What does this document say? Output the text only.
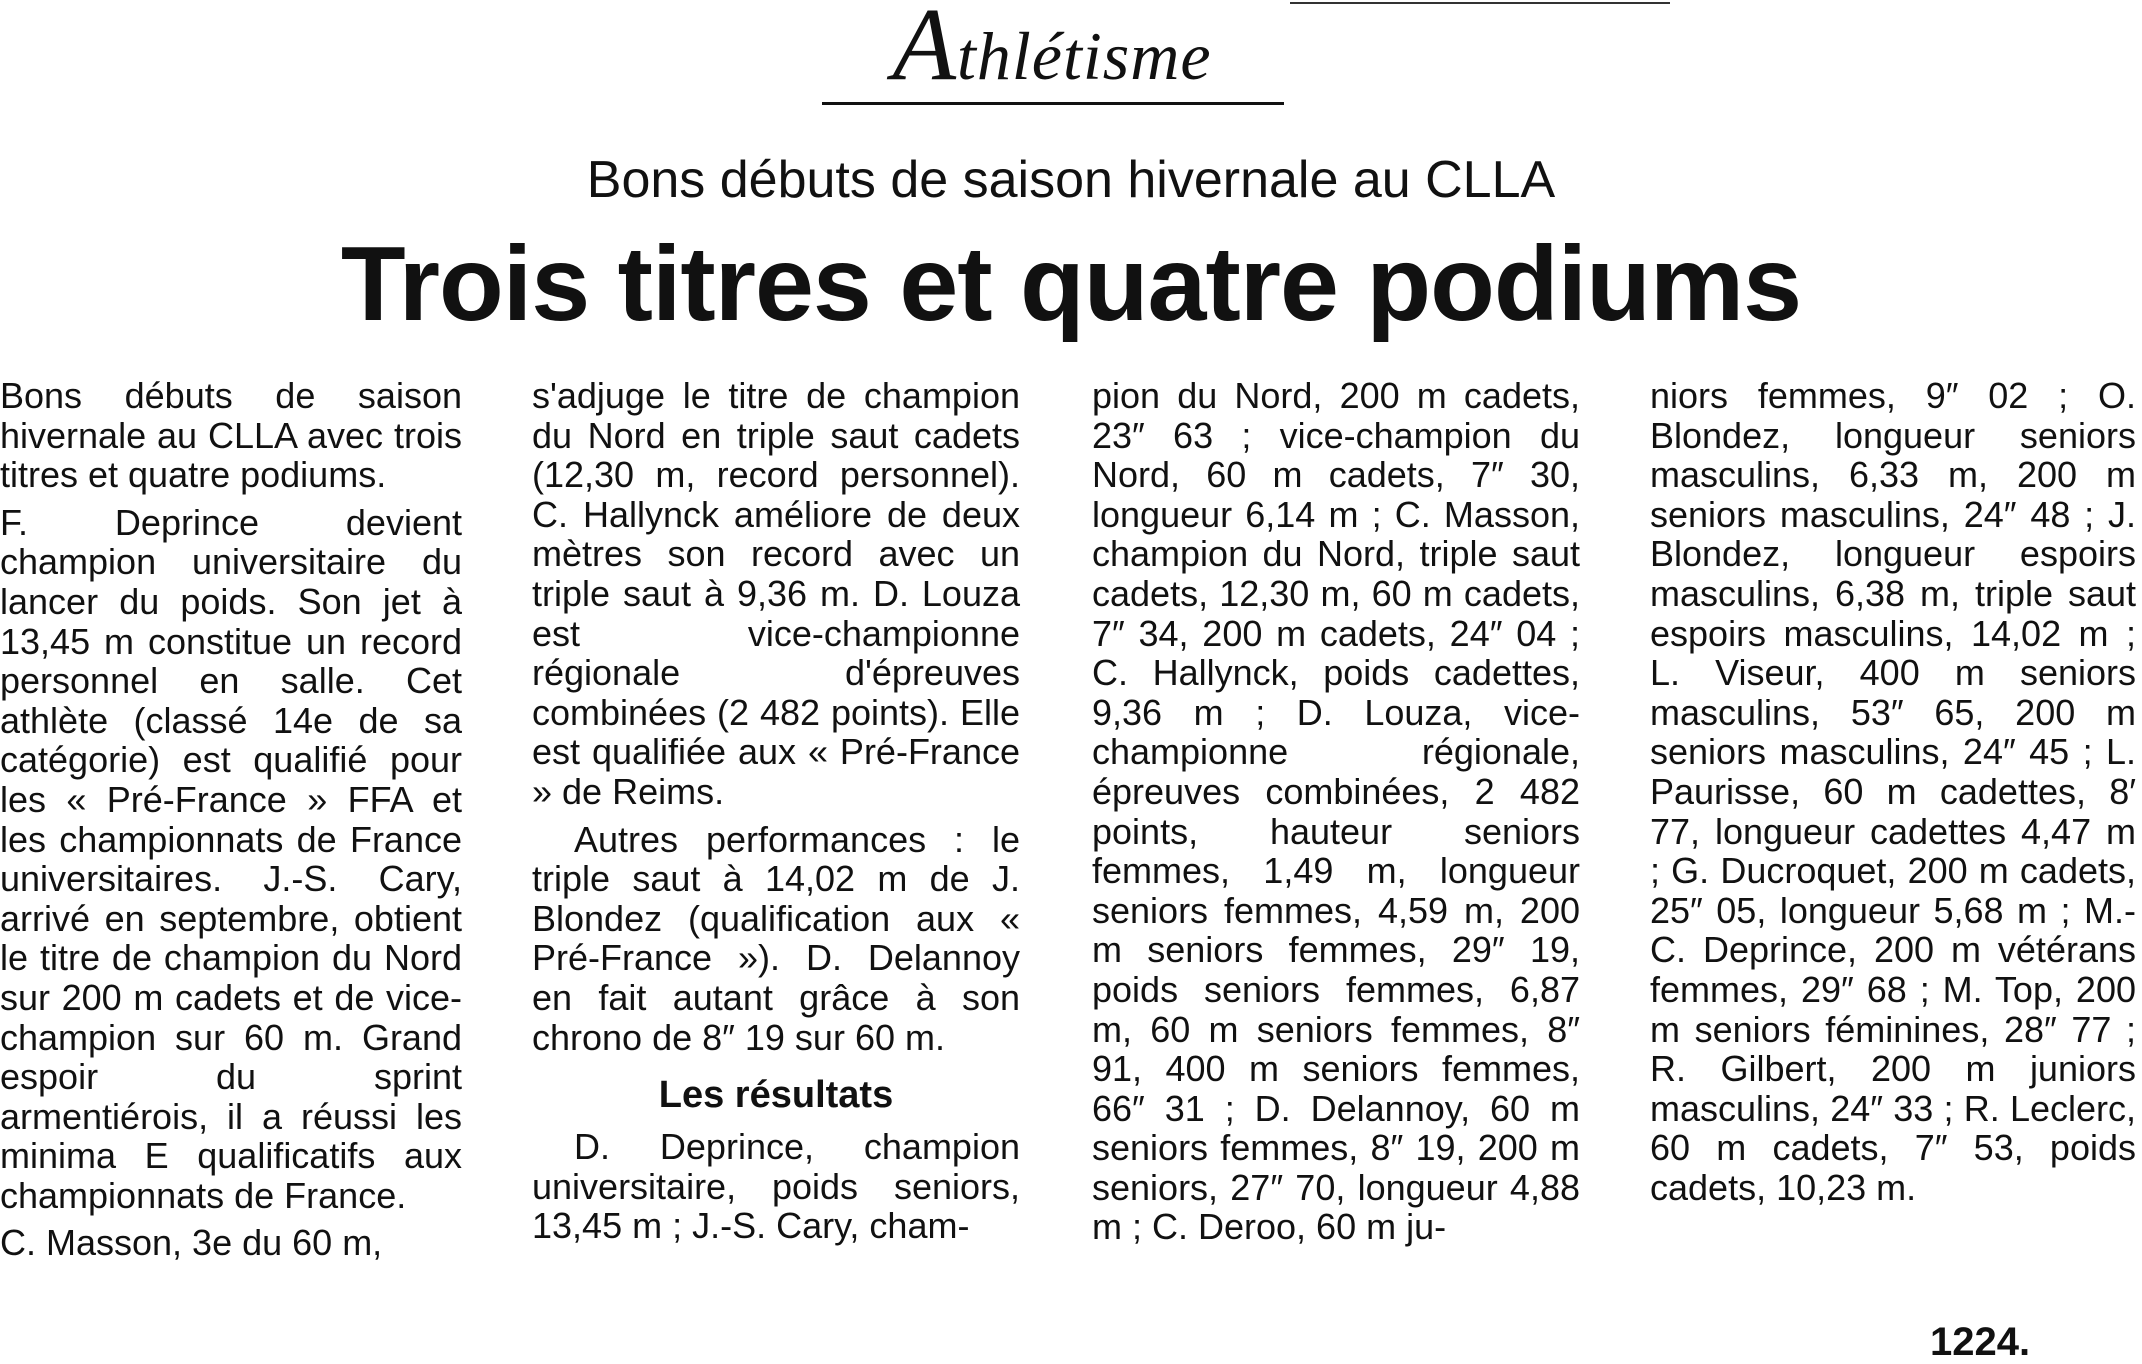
Athlétisme
Bons débuts de saison hivernale au CLLA
Trois titres et quatre podiums

Bons débuts de saison hivernale au CLLA avec trois titres et quatre podiums.

F. Deprince devient champion universitaire du lancer du poids. Son jet à 13,45 m constitue un record personnel en salle. Cet athlète (classé 14e de sa catégorie) est qualifié pour les « Pré-France » FFA et les championnats de France universitaires. J.-S. Cary, arrivé en septembre, obtient le titre de champion du Nord sur 200 m cadets et de vice-champion sur 60 m. Grand espoir du sprint armentiérois, il a réussi les minima E qualificatifs aux championnats de France.

C. Masson, 3e du 60 m,

s'adjuge le titre de champion du Nord en triple saut cadets (12,30 m, record personnel). C. Hallynck améliore de deux mètres son record avec un triple saut à 9,36 m. D. Louza est vice-championne régionale d'épreuves combinées (2 482 points). Elle est qualifiée aux « Pré-France » de Reims.

Autres performances : le triple saut à 14,02 m de J. Blondez (qualification aux « Pré-France »). D. Delannoy en fait autant grâce à son chrono de 8″ 19 sur 60 m.

Les résultats

D. Deprince, champion universitaire, poids seniors, 13,45 m ; J.-S. Cary, cham-

pion du Nord, 200 m cadets, 23″ 63 ; vice-champion du Nord, 60 m cadets, 7″ 30, longueur 6,14 m ; C. Masson, champion du Nord, triple saut cadets, 12,30 m, 60 m cadets, 7″ 34, 200 m cadets, 24″ 04 ; C. Hallynck, poids cadettes, 9,36 m ; D. Louza, vice-championne régionale, épreuves combinées, 2 482 points, hauteur seniors femmes, 1,49 m, longueur seniors femmes, 4,59 m, 200 m seniors femmes, 29″ 19, poids seniors femmes, 6,87 m, 60 m seniors femmes, 8″ 91, 400 m seniors femmes, 66″ 31 ; D. Delannoy, 60 m seniors femmes, 8″ 19, 200 m seniors, 27″ 70, longueur 4,88 m ; C. Deroo, 60 m ju-

niors femmes, 9″ 02 ; O. Blondez, longueur seniors masculins, 6,33 m, 200 m seniors masculins, 24″ 48 ; J. Blondez, longueur espoirs masculins, 6,38 m, triple saut espoirs masculins, 14,02 m ; L. Viseur, 400 m seniors masculins, 53″ 65, 200 m seniors masculins, 24″ 45 ; L. Paurisse, 60 m cadettes, 8′ 77, longueur cadettes 4,47 m ; G. Ducroquet, 200 m cadets, 25″ 05, longueur 5,68 m ; M.-C. Deprince, 200 m vétérans femmes, 29″ 68 ; M. Top, 200 m seniors féminines, 28″ 77 ; R. Gilbert, 200 m juniors masculins, 24″ 33 ; R. Leclerc, 60 m cadets, 7″ 53, poids cadets, 10,23 m.

1224.
